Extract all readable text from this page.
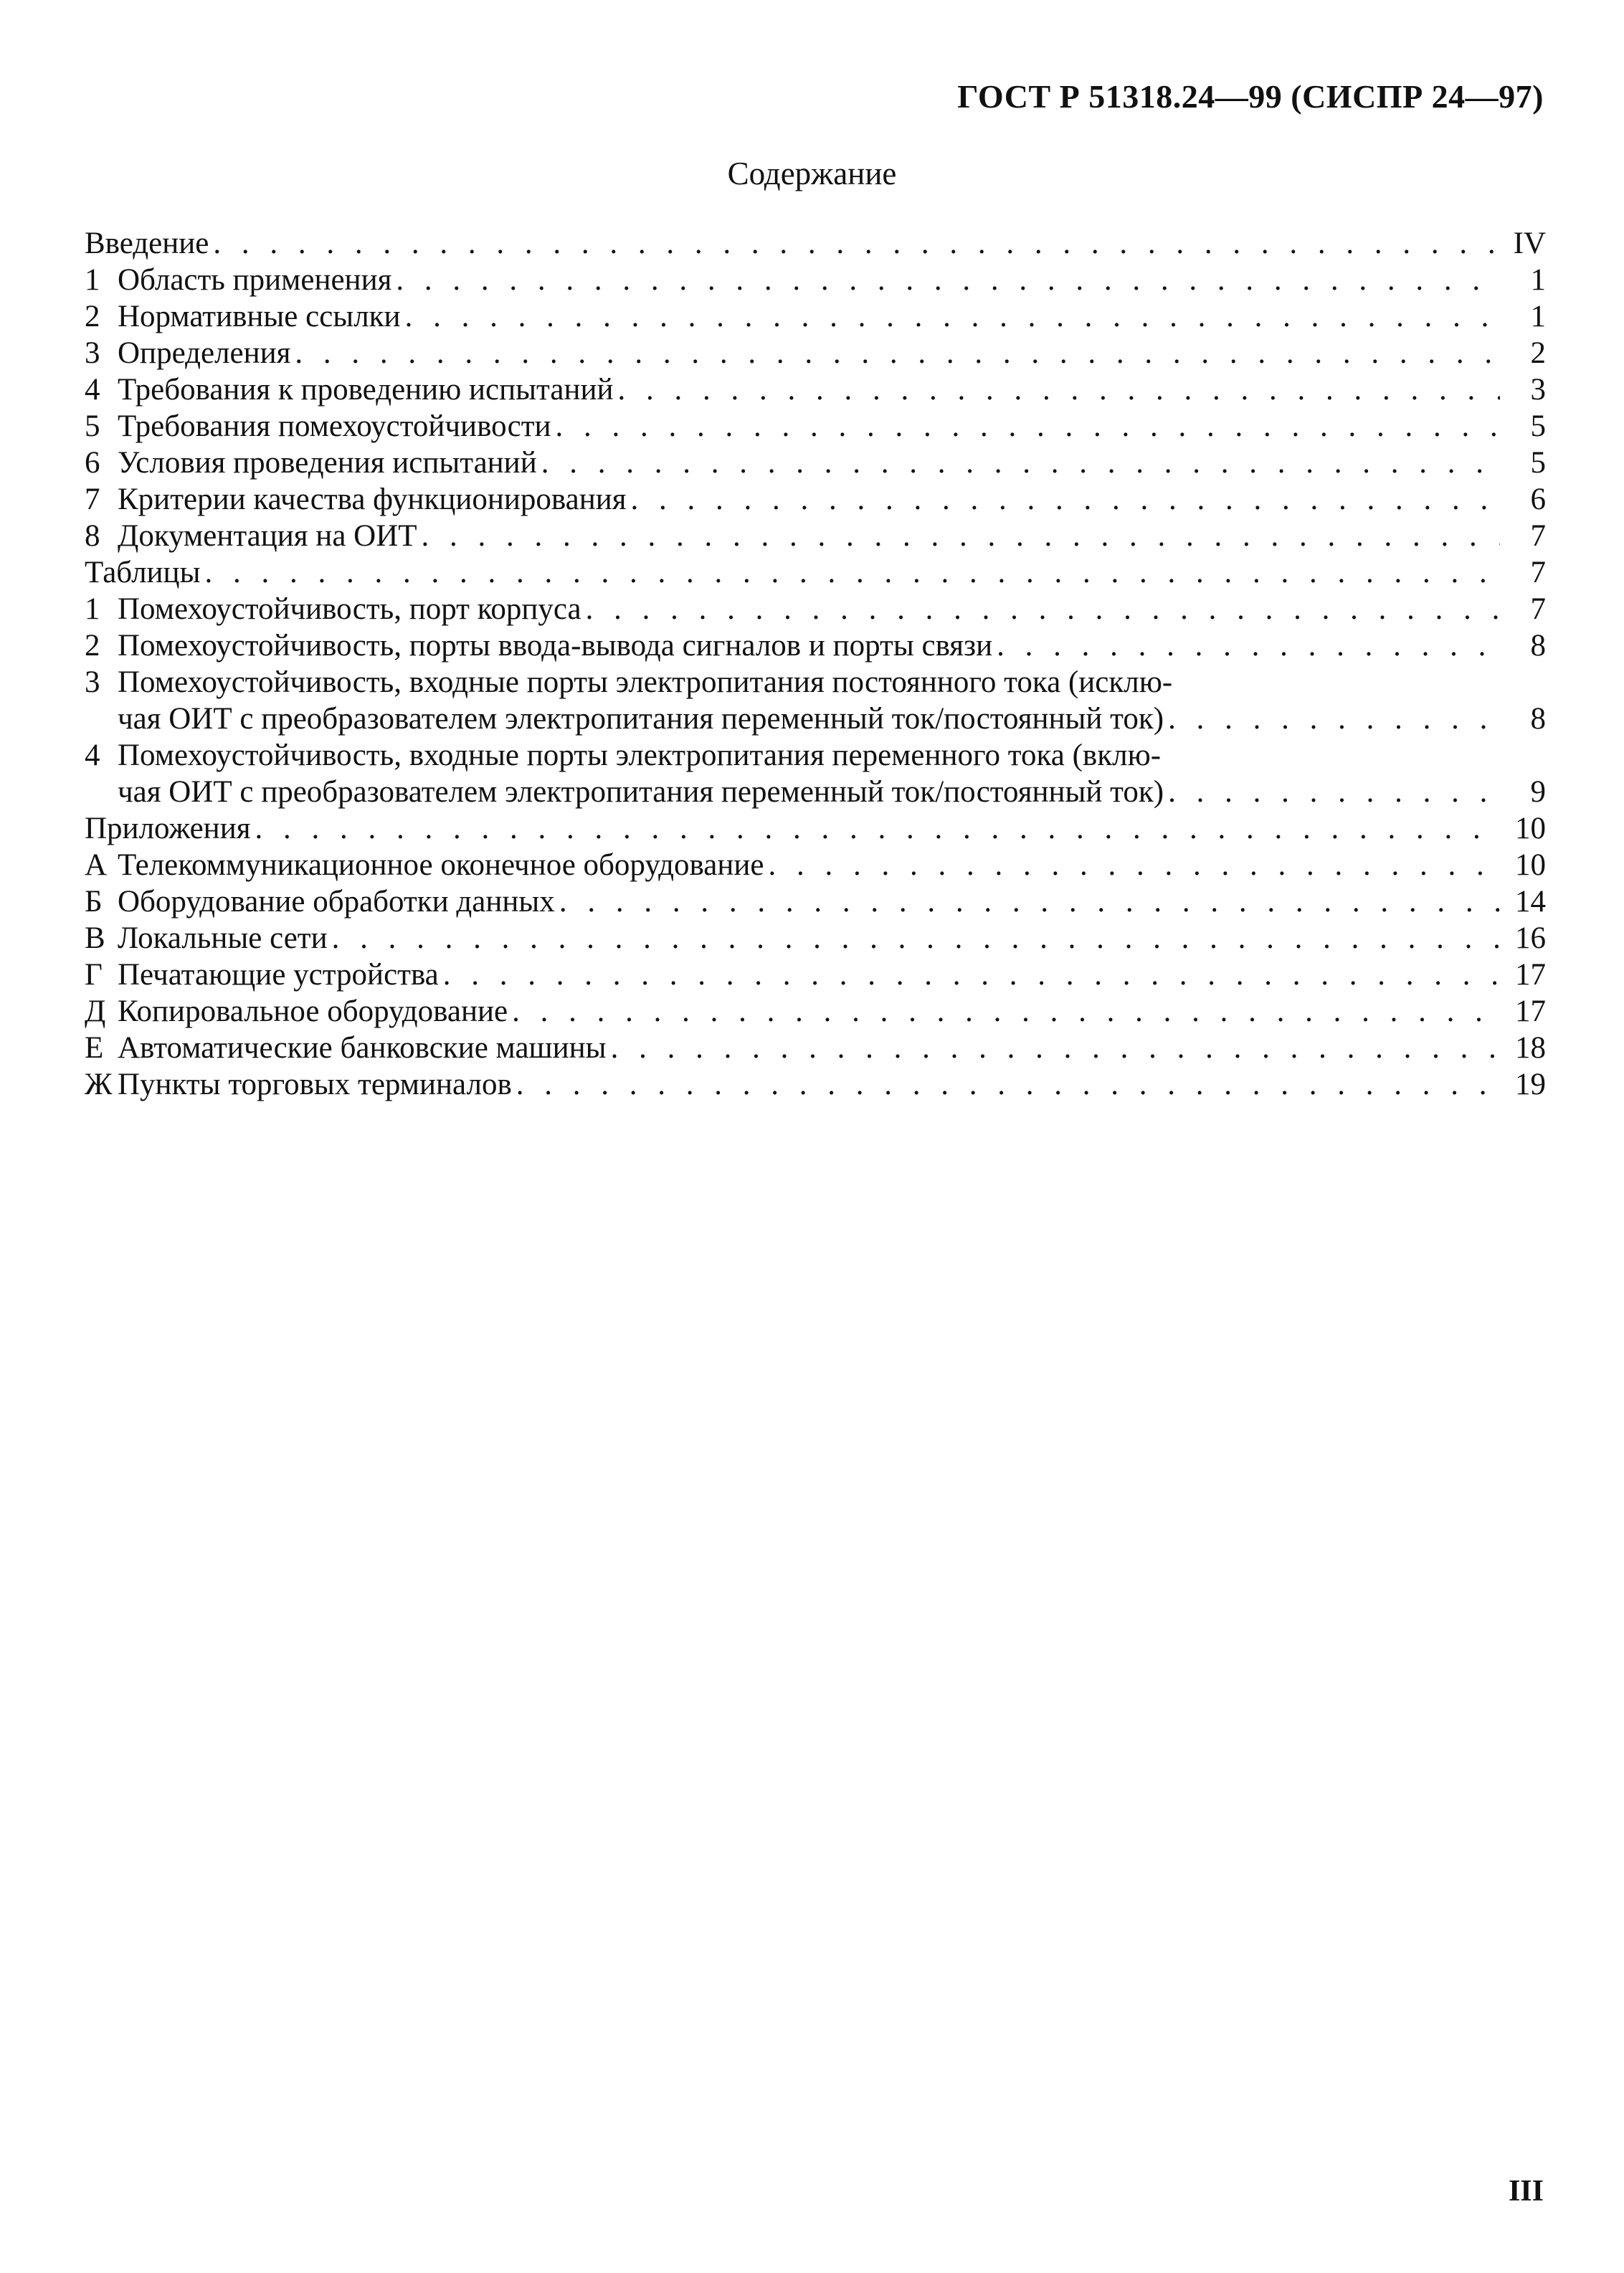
ГОСТ Р 51318.24—99 (СИСПР 24—97)
Содержание
Введение . . .	IV
1 Область применения . . .	1
2 Нормативные ссылки . . .	1
3 Определения . . .	2
4 Требования к проведению испытаний . . .	3
5 Требования помехоустойчивости . . .	5
6 Условия проведения испытаний . . .	5
7 Критерии качества функционирования . . .	6
8 Документация на ОИТ . . .	7
Таблицы . . .	7
1 Помехоустойчивость, порт корпуса . . .	7
2 Помехоустойчивость, порты ввода-вывода сигналов и порты связи . . .	8
3 Помехоустойчивость, входные порты электропитания постоянного тока (исклю-
чая ОИТ с преобразователем электропитания переменный ток/постоянный ток) . . .	8
4 Помехоустойчивость, входные порты электропитания переменного тока (вклю-
чая ОИТ с преобразователем электропитания переменный ток/постоянный ток) . . .	9
Приложения . . .	10
А Телекоммуникационное оконечное оборудование . . .	10
Б Оборудование обработки данных . . .	14
В Локальные сети . . .	16
Г Печатающие устройства . . .	17
Д Копировальное оборудование . . .	17
Е Автоматические банковские машины . . .	18
Ж Пункты торговых терминалов . . .	19
III
